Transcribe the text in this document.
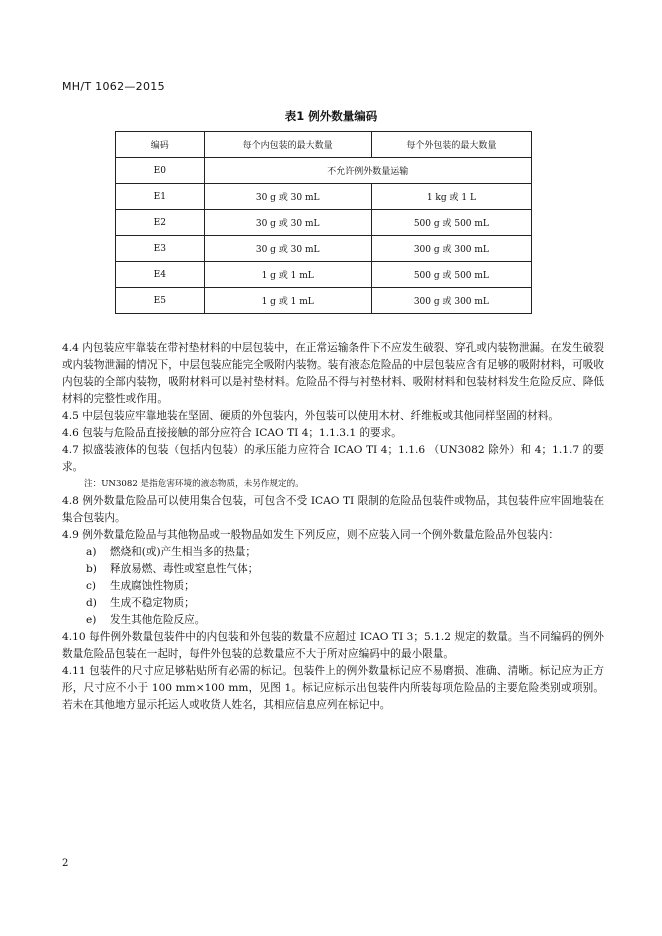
MH/T 1062—2015
表1 例外数量编码
编码	每个内包装的最大数量	每个外包装的最大数量
E0	不允许例外数量运输	
E1	30 g 或 30 mL	1 kg 或 1 L
E2	30 g 或 30 mL	500 g 或 500 mL
E3	30 g 或 30 mL	300 g 或 300 mL
E4	1 g 或 1 mL	500 g 或 500 mL
E5	1 g 或 1 mL	300 g 或 300 mL

4.4 内包装应牢靠装在带衬垫材料的中层包装中，在正常运输条件下不应发生破裂、穿孔或内装物泄漏。在发生破裂或内装物泄漏的情况下，中层包装应能完全吸附内装物。装有液态危险品的中层包装应含有足够的吸附材料，可吸收内包装的全部内装物，吸附材料可以是衬垫材料。危险品不得与衬垫材料、吸附材料和包装材料发生危险反应、降低材料的完整性或作用。

4.5 中层包装应牢靠地装在坚固、硬质的外包装内，外包装可以使用木材、纤维板或其他同样坚固的材料。

4.6 包装与危险品直接接触的部分应符合 ICAO TI 4；1.1.3.1 的要求。

4.7 拟盛装液体的包装（包括内包装）的承压能力应符合 ICAO TI 4；1.1.6 （UN3082 除外）和 4；1.1.7 的要求。

注：UN3082 是指危害环境的液态物质，未另作规定的。

4.8 例外数量危险品可以使用集合包装，可包含不受 ICAO TI 限制的危险品包装件或物品，其包装件应牢固地装在集合包装内。

4.9 例外数量危险品与其他物品或一般物品如发生下列反应，则不应装入同一个例外数量危险品外包装内：

a) 燃烧和(或)产生相当多的热量；

b) 释放易燃、毒性或窒息性气体；

c) 生成腐蚀性物质；

d) 生成不稳定物质；

e) 发生其他危险反应。

4.10 每件例外数量包装件中的内包装和外包装的数量不应超过 ICAO TI 3；5.1.2 规定的数量。当不同编码的例外数量危险品包装在一起时，每件外包装的总数量应不大于所对应编码中的最小限量。

4.11 包装件的尺寸应足够粘贴所有必需的标记。包装件上的例外数量标记应不易磨损、准确、清晰。标记应为正方形，尺寸应不小于 100 mm×100 mm，见图 1。标记应标示出包装件内所装每项危险品的主要危险类别或项别。若未在其他地方显示托运人或收货人姓名，其相应信息应列在标记中。

2
